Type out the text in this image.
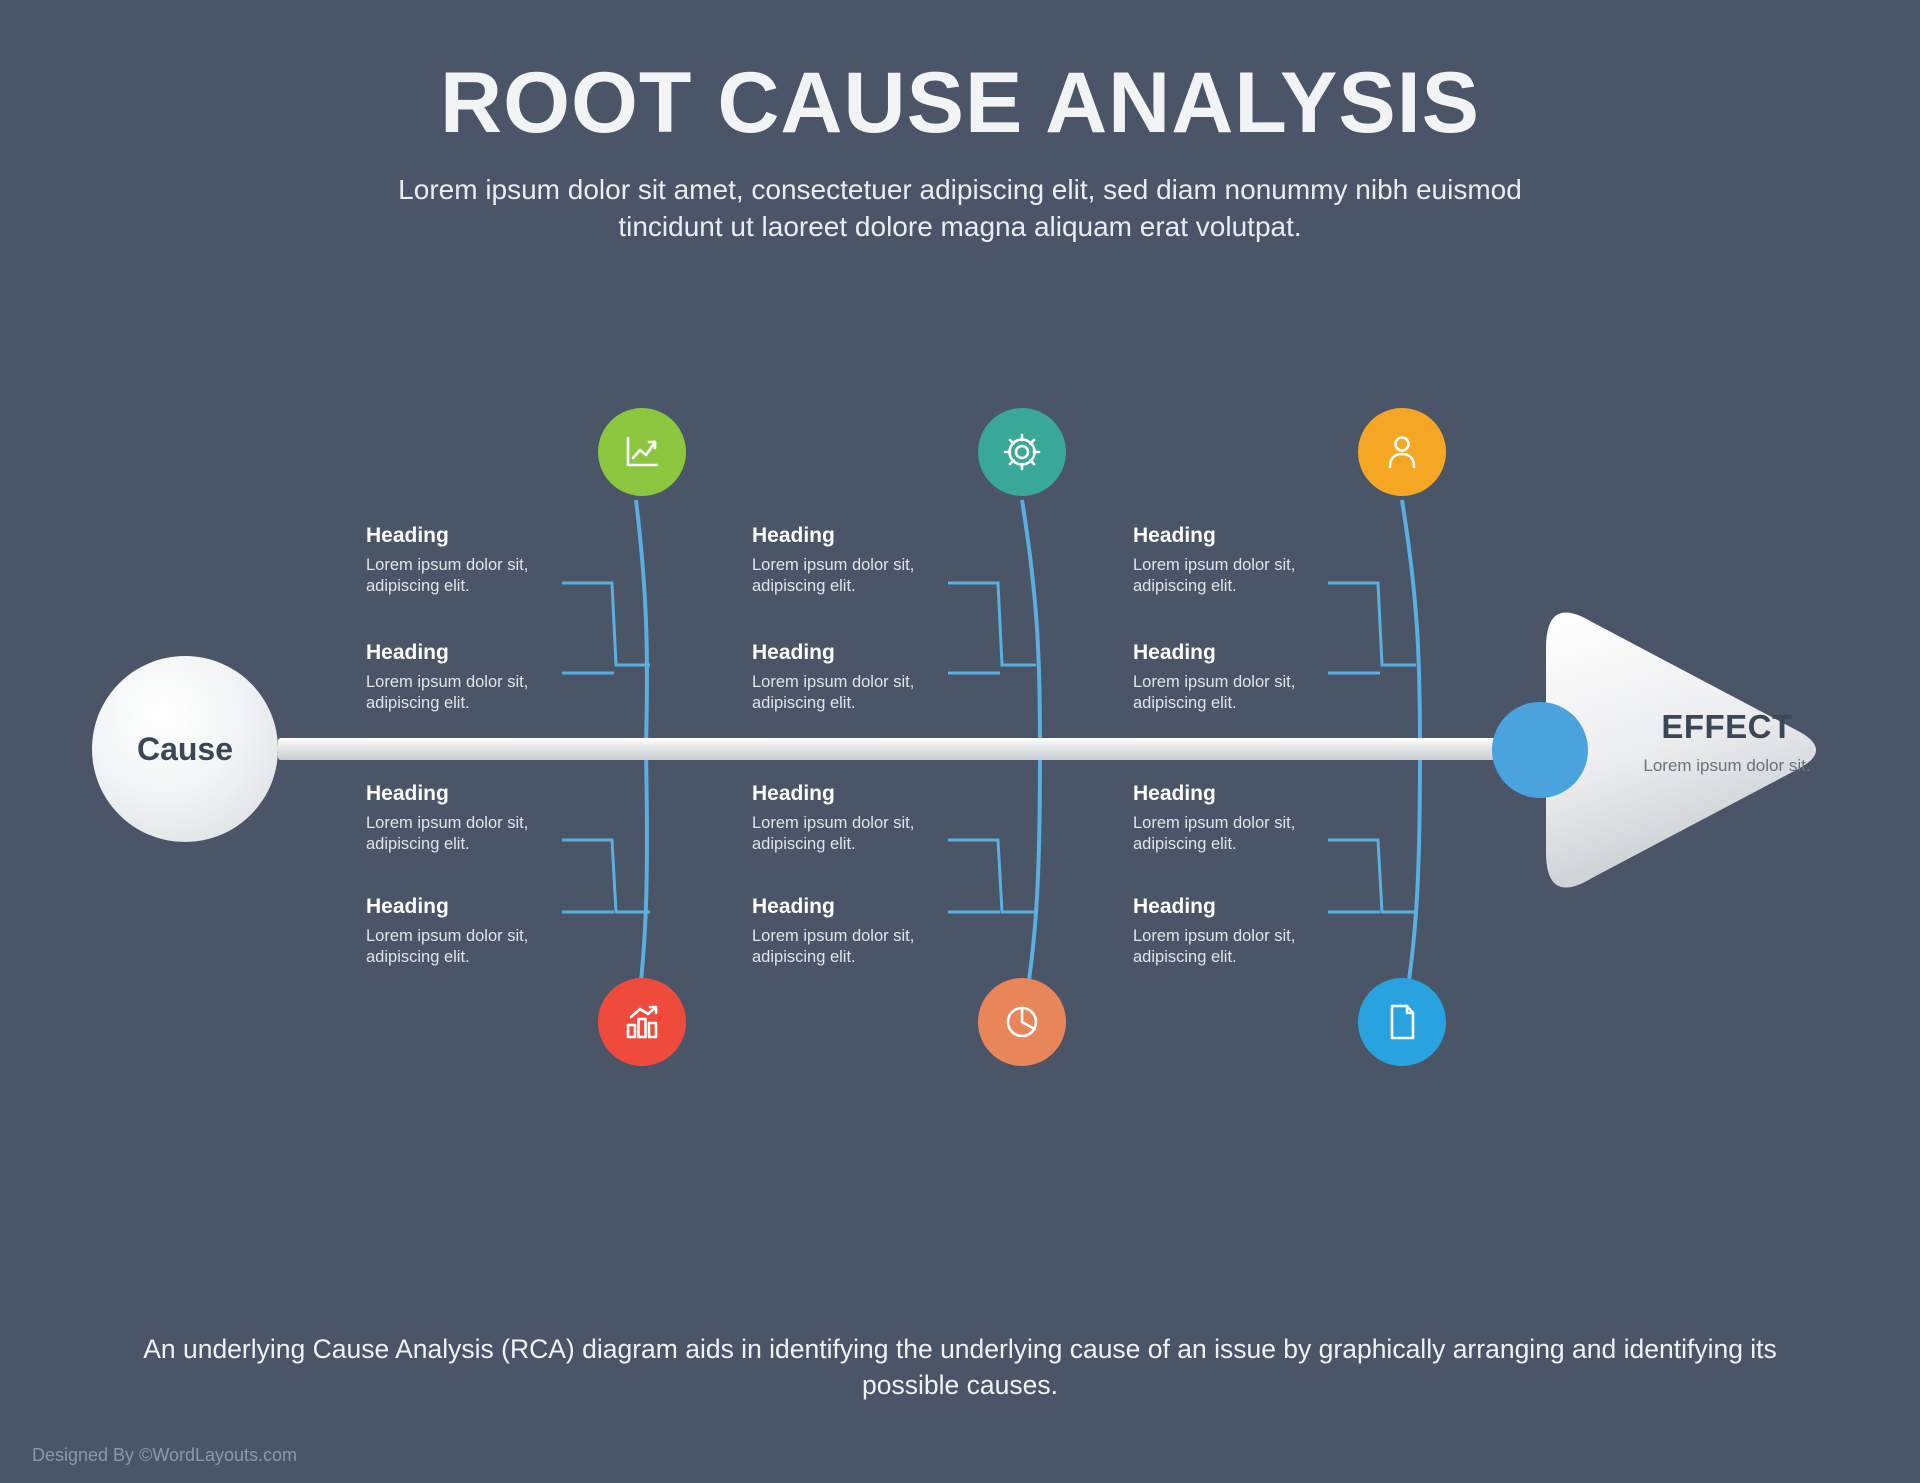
ROOT CAUSE ANALYSIS
Lorem ipsum dolor sit amet, consectetuer adipiscing elit, sed diam nonummy nibh euismod tincidunt ut laoreet dolore magna aliquam erat volutpat.
Cause
EFFECT
Lorem ipsum dolor sit.
Heading
Lorem ipsum dolor sit, adipiscing elit.
Heading
Lorem ipsum dolor sit, adipiscing elit.
Heading
Lorem ipsum dolor sit, adipiscing elit.
Heading
Lorem ipsum dolor sit, adipiscing elit.
Heading
Lorem ipsum dolor sit, adipiscing elit.
Heading
Lorem ipsum dolor sit, adipiscing elit.
Heading
Lorem ipsum dolor sit, adipiscing elit.
Heading
Lorem ipsum dolor sit, adipiscing elit.
Heading
Lorem ipsum dolor sit, adipiscing elit.
Heading
Lorem ipsum dolor sit, adipiscing elit.
Heading
Lorem ipsum dolor sit, adipiscing elit.
Heading
Lorem ipsum dolor sit, adipiscing elit.
An underlying Cause Analysis (RCA) diagram aids in identifying the underlying cause of an issue by graphically arranging and identifying its possible causes.
Designed By ©WordLayouts.com
